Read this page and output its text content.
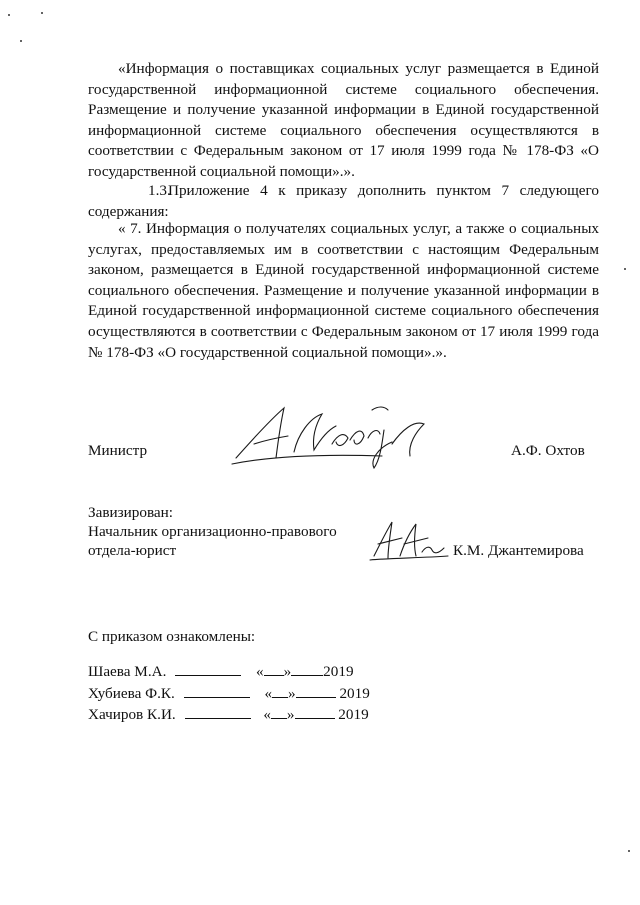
«Информация о поставщиках социальных услуг размещается в Единой государственной информационной системе социального обеспечения. Размещение и получение указанной информации в Единой государственной информационной системе социального обеспечения осуществляются в соответствии с Федеральным законом от 17 июля 1999 года № 178-ФЗ «О государственной социальной помощи».».

1.3.Приложение 4 к приказу дополнить пунктом 7 следующего содержания:

« 7. Информация о получателях социальных услуг, а также о социальных услугах, предоставляемых им в соответствии с настоящим Федеральным законом, размещается в Единой государственной информационной системе социального обеспечения. Размещение и получение указанной информации в Единой государственной информационной системе социального обеспечения осуществляются в соответствии с Федеральным законом от 17 июля 1999 года № 178-ФЗ «О государственной социальной помощи».».

Министр	А.Ф. Охтов
Завизирован:
Начальник организационно-правового
отдела-юрист	К.М. Джантемирова
С приказом ознакомлены:
Шаева М.А.	« » 2019
Хубиева Ф.К.	« »	2019
Хачиров К.И.	« »	2019
